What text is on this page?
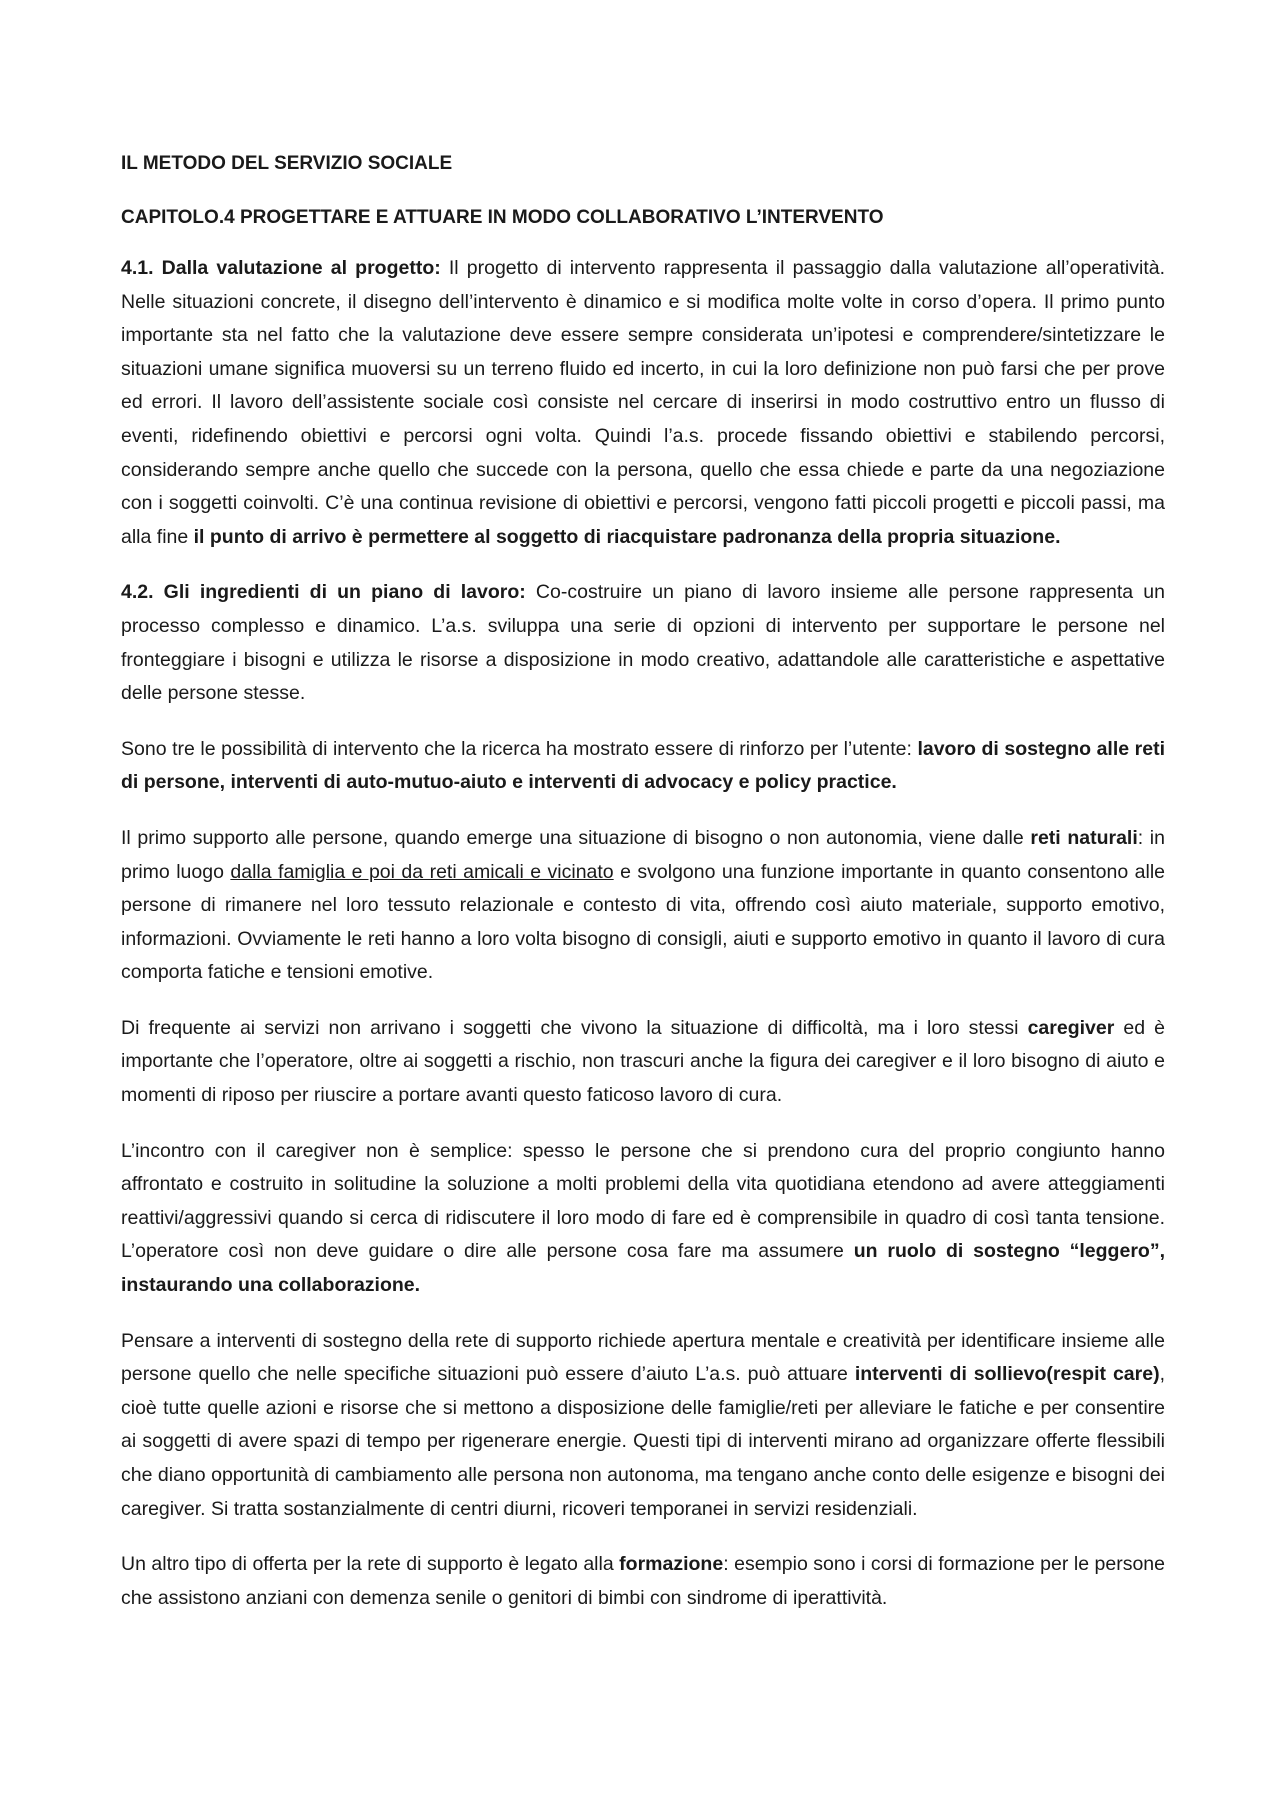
IL METODO DEL SERVIZIO SOCIALE
CAPITOLO.4 PROGETTARE E ATTUARE IN MODO COLLABORATIVO L’INTERVENTO

4.1. Dalla valutazione al progetto: Il progetto di intervento rappresenta il passaggio dalla valutazione all’operatività. Nelle situazioni concrete, il disegno dell’intervento è dinamico e si modifica molte volte in corso d’opera. Il primo punto importante sta nel fatto che la valutazione deve essere sempre considerata un’ipotesi e comprendere/sintetizzare le situazioni umane significa muoversi su un terreno fluido ed incerto, in cui la loro definizione non può farsi che per prove ed errori. Il lavoro dell’assistente sociale così consiste nel cercare di inserirsi in modo costruttivo entro un flusso di eventi, ridefinendo obiettivi e percorsi ogni volta. Quindi l’a.s. procede fissando obiettivi e stabilendo percorsi, considerando sempre anche quello che succede con la persona, quello che essa chiede e parte da una negoziazione con i soggetti coinvolti. C’è una continua revisione di obiettivi e percorsi, vengono fatti piccoli progetti e piccoli passi, ma alla fine il punto di arrivo è permettere al soggetto di riacquistare padronanza della propria situazione.

4.2. Gli ingredienti di un piano di lavoro: Co-costruire un piano di lavoro insieme alle persone rappresenta un processo complesso e dinamico. L’a.s. sviluppa una serie di opzioni di intervento per supportare le persone nel fronteggiare i bisogni e utilizza le risorse a disposizione in modo creativo, adattandole alle caratteristiche e aspettative delle persone stesse.

Sono tre le possibilità di intervento che la ricerca ha mostrato essere di rinforzo per l’utente: lavoro di sostegno alle reti di persone, interventi di auto-mutuo-aiuto e interventi di advocacy e policy practice.

Il primo supporto alle persone, quando emerge una situazione di bisogno o non autonomia, viene dalle reti naturali: in primo luogo dalla famiglia e poi da reti amicali e vicinato e svolgono una funzione importante in quanto consentono alle persone di rimanere nel loro tessuto relazionale e contesto di vita, offrendo così aiuto materiale, supporto emotivo, informazioni. Ovviamente le reti hanno a loro volta bisogno di consigli, aiuti e supporto emotivo in quanto il lavoro di cura comporta fatiche e tensioni emotive.

Di frequente ai servizi non arrivano i soggetti che vivono la situazione di difficoltà, ma i loro stessi caregiver ed è importante che l’operatore, oltre ai soggetti a rischio, non trascuri anche la figura dei caregiver e il loro bisogno di aiuto e momenti di riposo per riuscire a portare avanti questo faticoso lavoro di cura.

L’incontro con il caregiver non è semplice: spesso le persone che si prendono cura del proprio congiunto hanno affrontato e costruito in solitudine la soluzione a molti problemi della vita quotidiana etendono ad avere atteggiamenti reattivi/aggressivi quando si cerca di ridiscutere il loro modo di fare ed è comprensibile in quadro di così tanta tensione. L’operatore così non deve guidare o dire alle persone cosa fare ma assumere un ruolo di sostegno “leggero”, instaurando una collaborazione.

Pensare a interventi di sostegno della rete di supporto richiede apertura mentale e creatività per identificare insieme alle persone quello che nelle specifiche situazioni può essere d’aiuto L’a.s. può attuare interventi di sollievo(respit care), cioè tutte quelle azioni e risorse che si mettono a disposizione delle famiglie/reti per alleviare le fatiche e per consentire ai soggetti di avere spazi di tempo per rigenerare energie. Questi tipi di interventi mirano ad organizzare offerte flessibili che diano opportunità di cambiamento alle persona non autonoma, ma tengano anche conto delle esigenze e bisogni dei caregiver. Si tratta sostanzialmente di centri diurni, ricoveri temporanei in servizi residenziali.

Un altro tipo di offerta per la rete di supporto è legato alla formazione: esempio sono i corsi di formazione per le persone che assistono anziani con demenza senile o genitori di bimbi con sindrome di iperattività.
